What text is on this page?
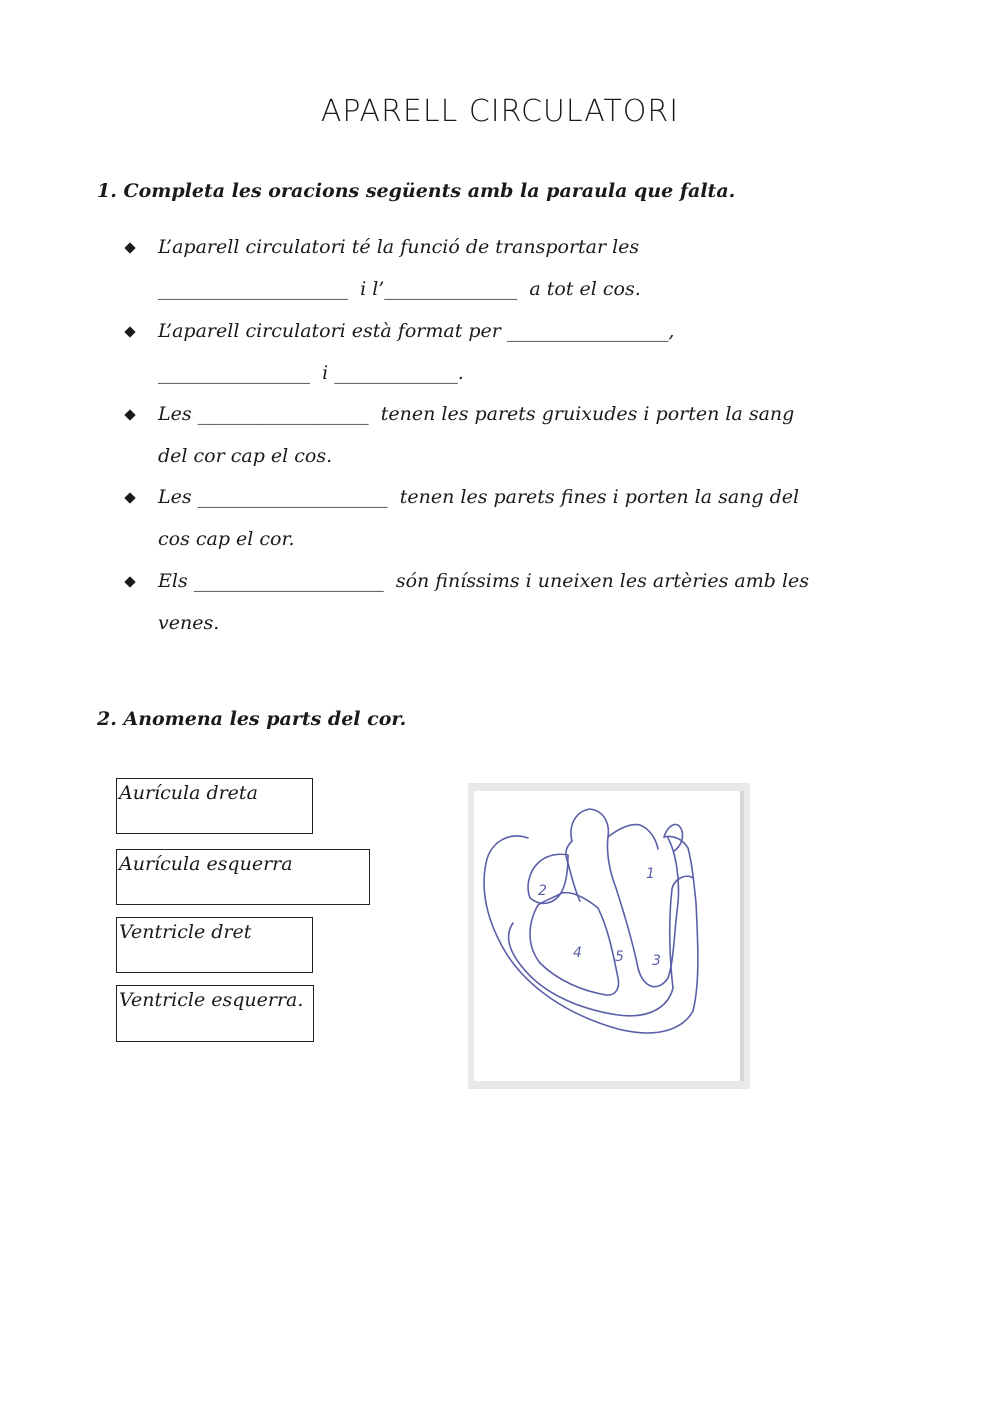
APARELL CIRCULATORI
1. Completa les oracions següents amb la paraula que falta.
L’aparell circulatori té la funció de transportar les
____________________  i l’______________  a tot el cos.
L’aparell circulatori està format per _________________,
________________  i _____________.
Les __________________  tenen les parets gruixudes i porten la sang
del cor cap el cos.
Les ____________________  tenen les parets fines i porten la sang del
cos cap el cor.
Els ____________________  són finíssims i uneixen les artèries amb les
venes.
2. Anomena les parts del cor.
Aurícula dreta
Aurícula esquerra
Ventricle dret
Ventricle esquerra.
1
2
3
4 5
